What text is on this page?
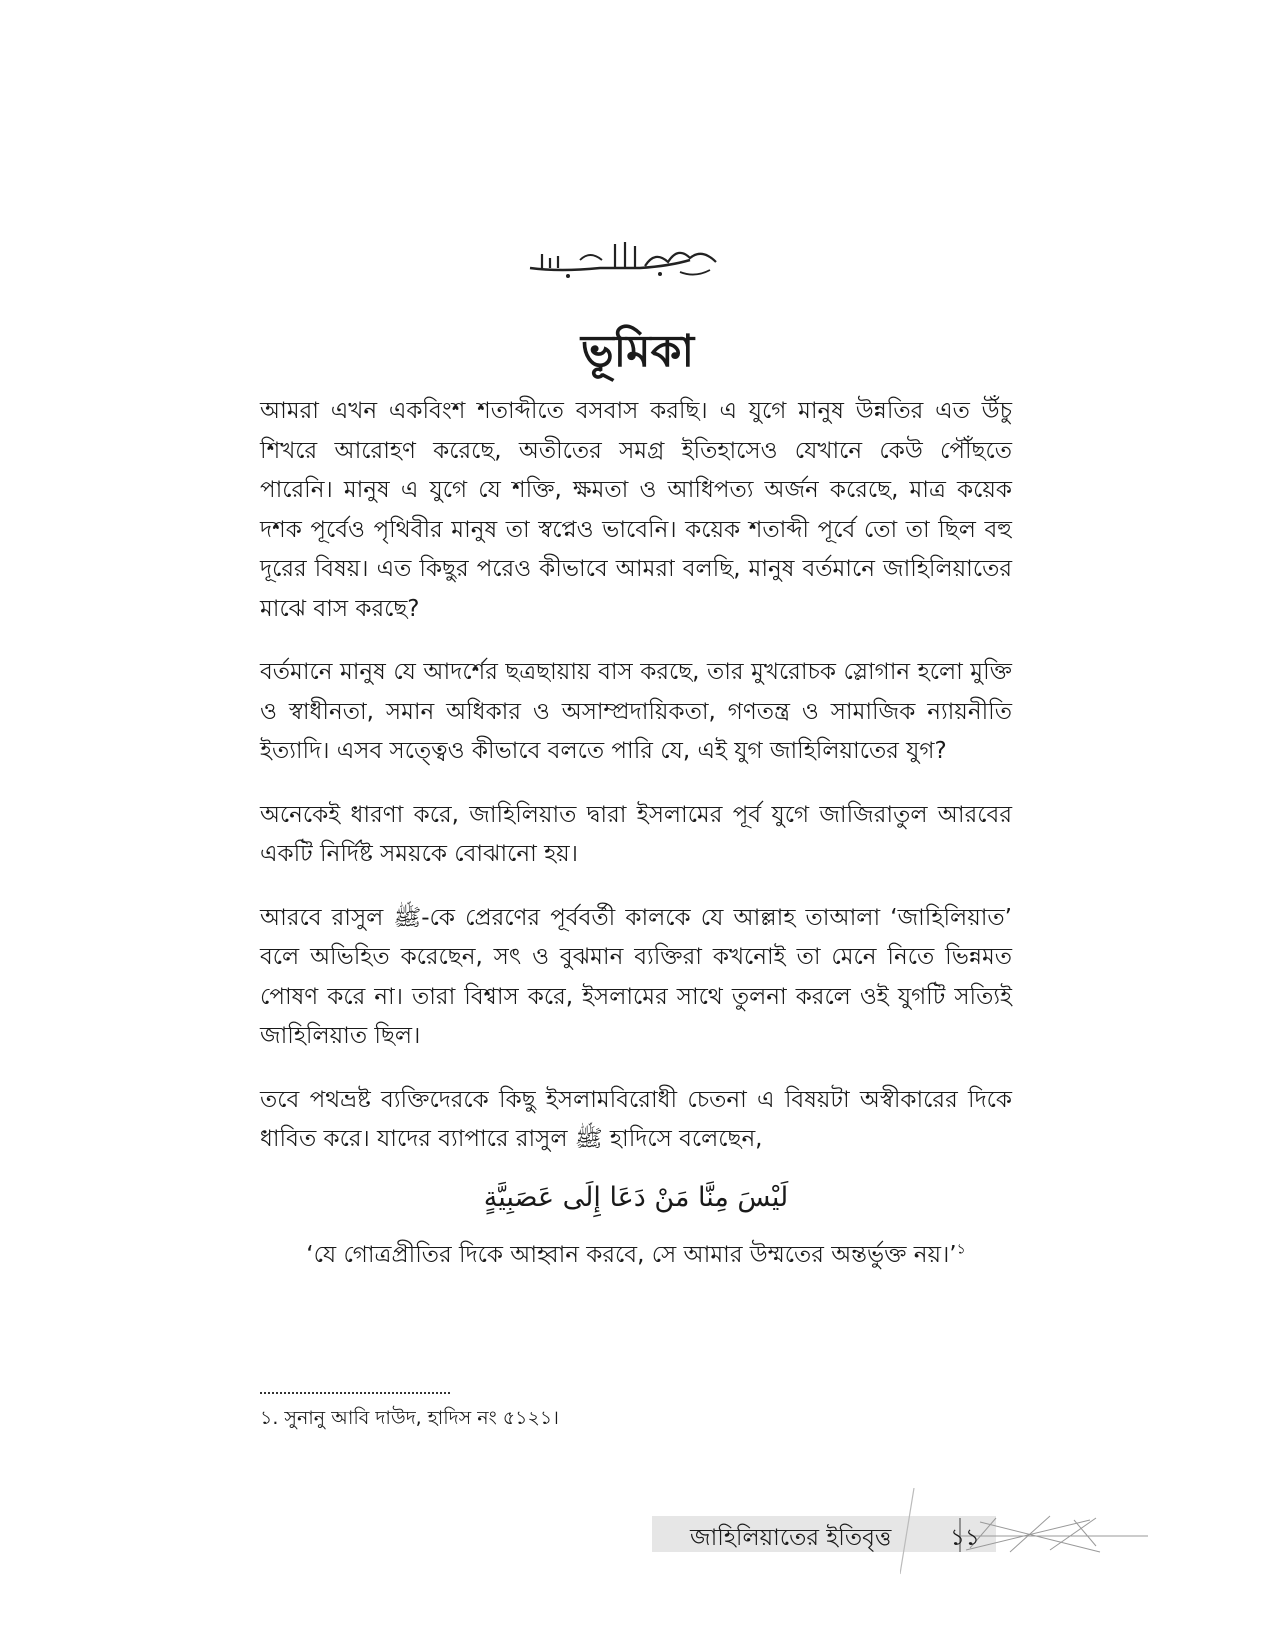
ভূমিকা

আমরা এখন একবিংশ শতাব্দীতে বসবাস করছি। এ যুগে মানুষ উন্নতির এত উঁচু শিখরে আরোহণ করেছে, অতীতের সমগ্র ইতিহাসেও যেখানে কেউ পৌঁছতে পারেনি। মানুষ এ যুগে যে শক্তি, ক্ষমতা ও আধিপত্য অর্জন করেছে, মাত্র কয়েক দশক পূর্বেও পৃথিবীর মানুষ তা স্বপ্নেও ভাবেনি। কয়েক শতাব্দী পূর্বে তো তা ছিল বহু দূরের বিষয়। এত কিছুর পরেও কীভাবে আমরা বলছি, মানুষ বর্তমানে জাহিলিয়াতের মাঝে বাস করছে?

বর্তমানে মানুষ যে আদর্শের ছত্রছায়ায় বাস করছে, তার মুখরোচক স্লোগান হলো মুক্তি ও স্বাধীনতা, সমান অধিকার ও অসাম্প্রদায়িকতা, গণতন্ত্র ও সামাজিক ন্যায়নীতি ইত্যাদি। এসব সত্ত্বেও কীভাবে বলতে পারি যে, এই যুগ জাহিলিয়াতের যুগ?

অনেকেই ধারণা করে, জাহিলিয়াত দ্বারা ইসলামের পূর্ব যুগে জাজিরাতুল আরবের একটি নির্দিষ্ট সময়কে বোঝানো হয়।

আরবে রাসুল ﷺ-কে প্রেরণের পূর্ববর্তী কালকে যে আল্লাহ তাআলা ‘জাহিলিয়াত’ বলে অভিহিত করেছেন, সৎ ও বুঝমান ব্যক্তিরা কখনোই তা মেনে নিতে ভিন্নমত পোষণ করে না। তারা বিশ্বাস করে, ইসলামের সাথে তুলনা করলে ওই যুগটি সত্যিই জাহিলিয়াত ছিল।

তবে পথভ্রষ্ট ব্যক্তিদেরকে কিছু ইসলামবিরোধী চেতনা এ বিষয়টা অস্বীকারের দিকে ধাবিত করে। যাদের ব্যাপারে রাসুল ﷺ হাদিসে বলেছেন,

لَيْسَ مِنَّا مَنْ دَعَا إِلَى عَصَبِيَّةٍ
‘যে গোত্রপ্রীতির দিকে আহ্বান করবে, সে আমার উম্মতের অন্তর্ভুক্ত নয়।’$^১$
১. সুনানু আবি দাউদ, হাদিস নং ৫১২১।
জাহিলিয়াতের ইতিবৃত্ত	১১
